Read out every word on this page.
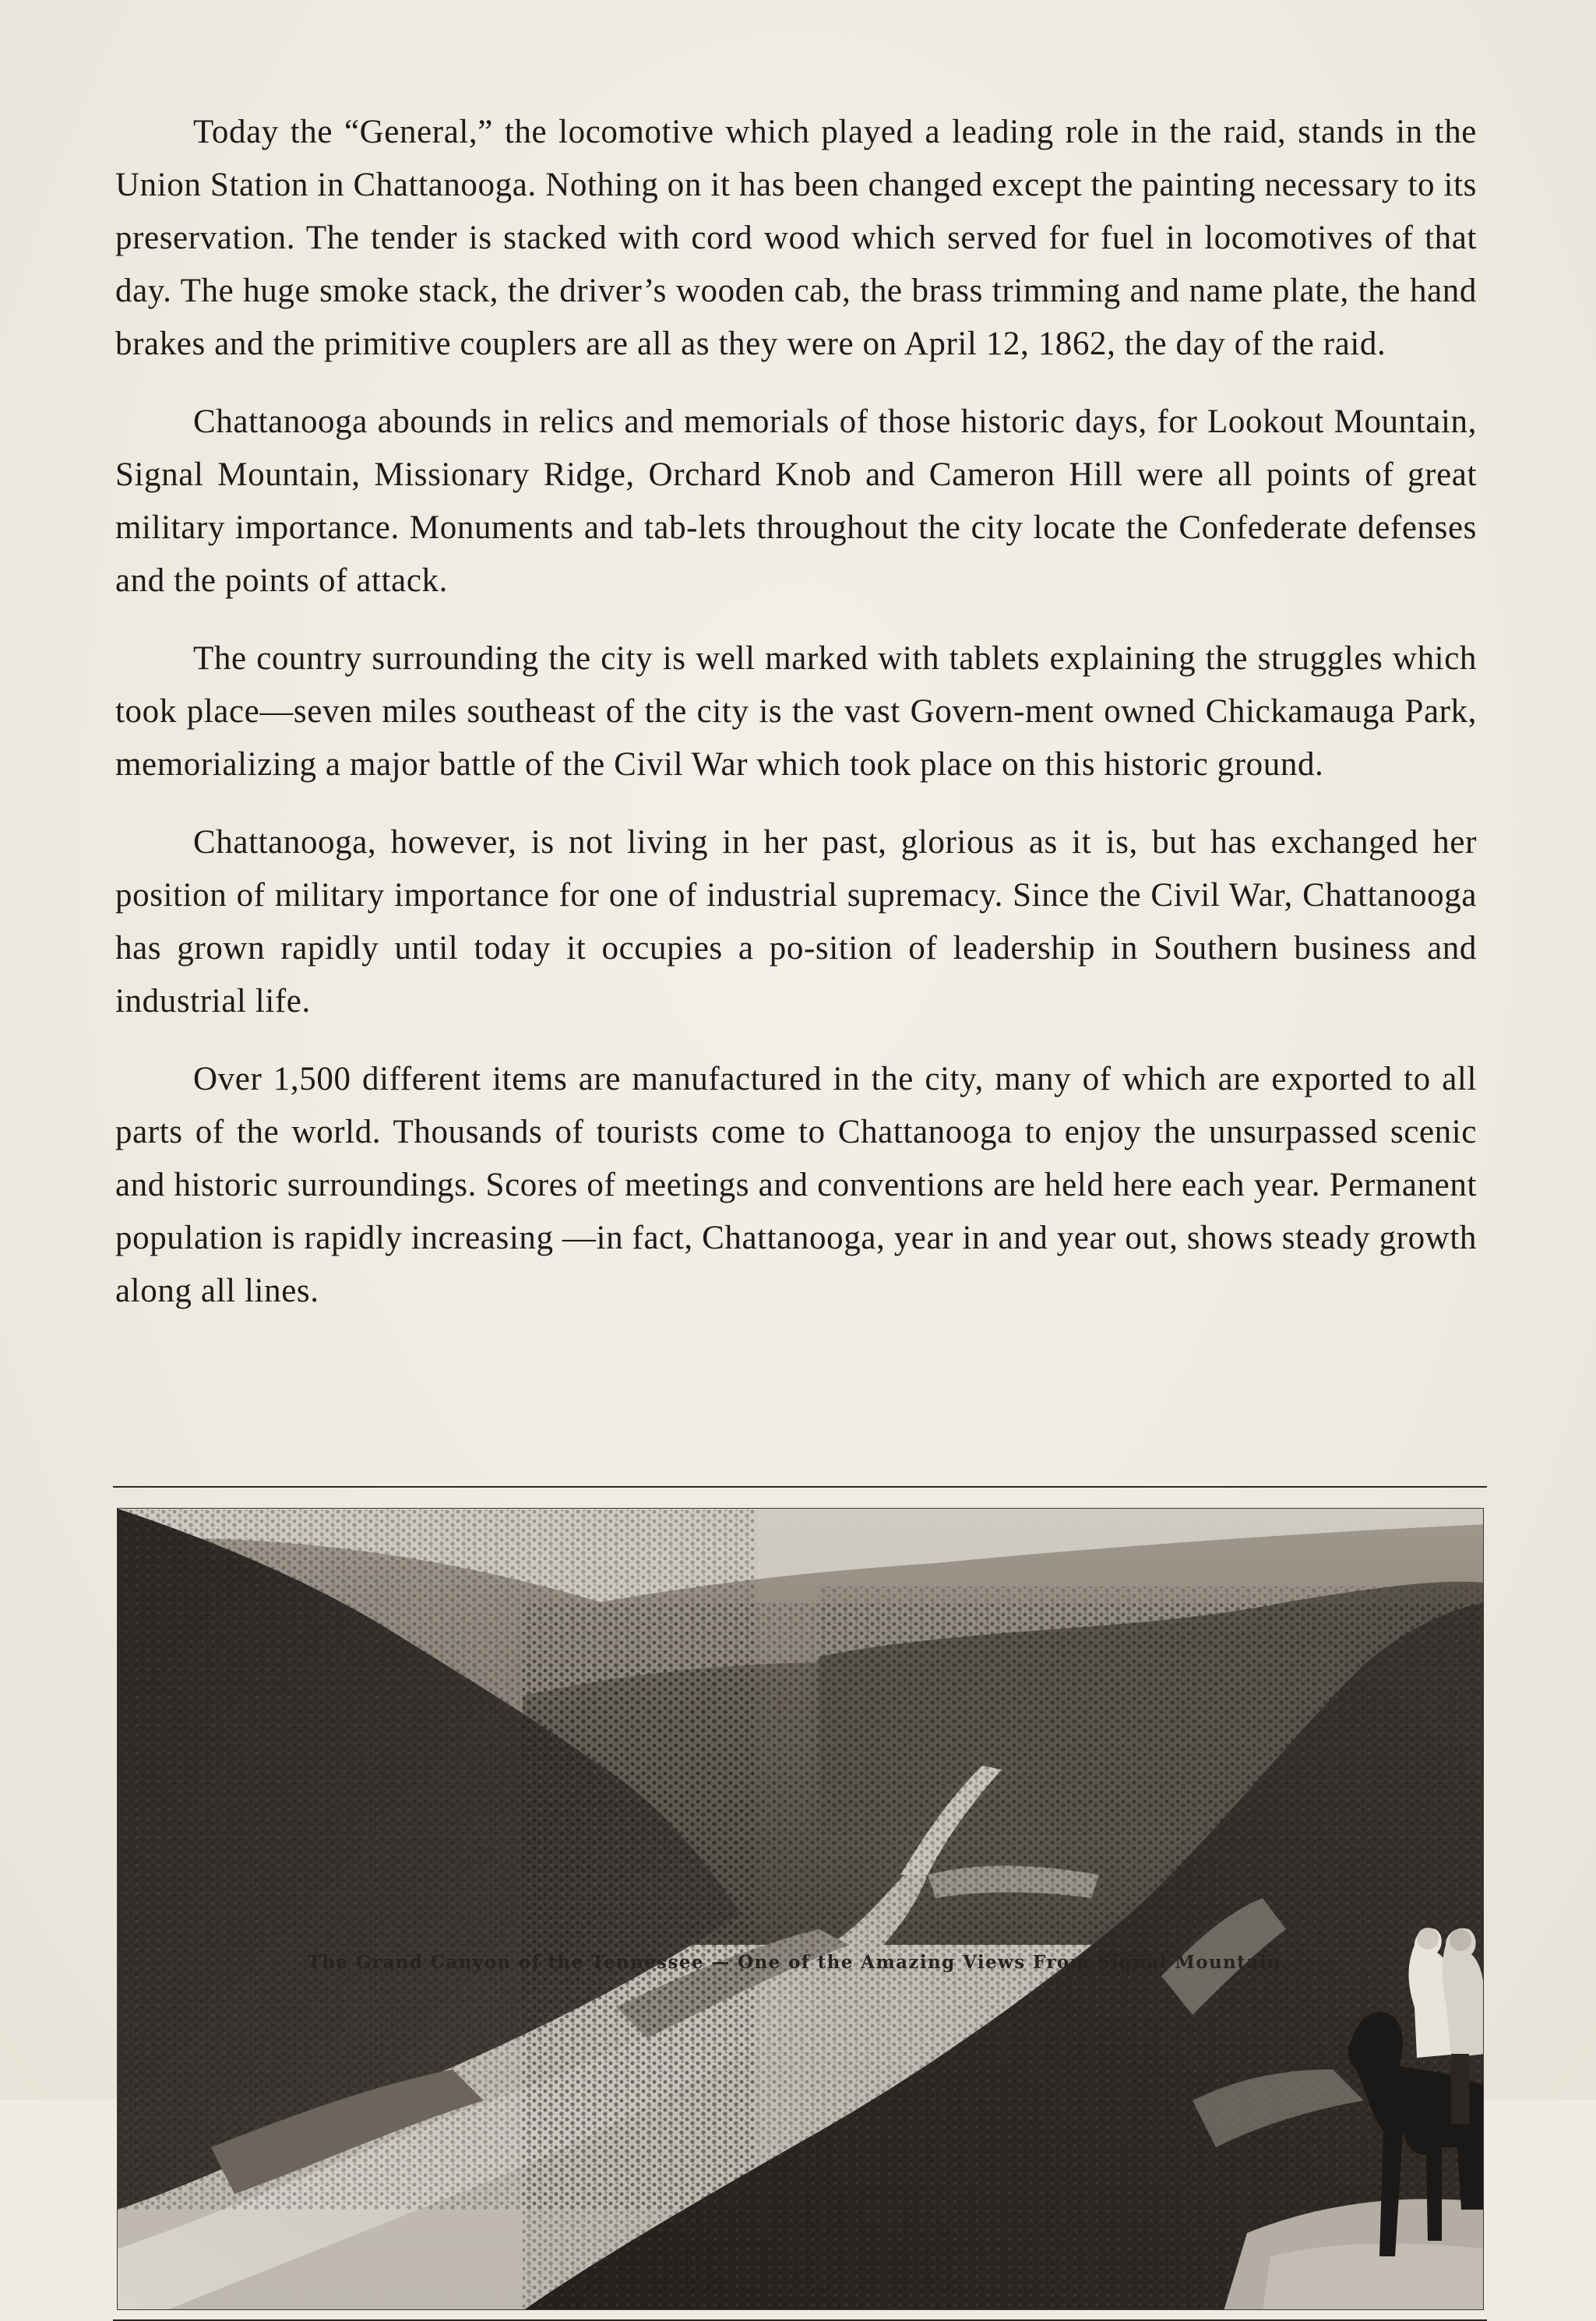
Today the “General,” the locomotive which played a leading role in the raid, stands in the Union Station in Chattanooga. Nothing on it has been changed except the painting necessary to its preservation. The tender is stacked with cord wood which served for fuel in locomotives of that day. The huge smoke stack, the driver’s wooden cab, the brass trimming and name plate, the hand brakes and the primitive couplers are all as they were on April 12, 1862, the day of the raid.

Chattanooga abounds in relics and memorials of those historic days, for Lookout Mountain, Signal Mountain, Missionary Ridge, Orchard Knob and Cameron Hill were all points of great military importance. Monuments and tab-lets throughout the city locate the Confederate defenses and the points of attack.

The country surrounding the city is well marked with tablets explaining the struggles which took place—seven miles southeast of the city is the vast Govern-ment owned Chickamauga Park, memorializing a major battle of the Civil War which took place on this historic ground.

Chattanooga, however, is not living in her past, glorious as it is, but has exchanged her position of military importance for one of industrial supremacy. Since the Civil War, Chattanooga has grown rapidly until today it occupies a po-sition of leadership in Southern business and industrial life.

Over 1,500 different items are manufactured in the city, many of which are exported to all parts of the world. Thousands of tourists come to Chattanooga to enjoy the unsurpassed scenic and historic surroundings. Scores of meetings and conventions are held here each year. Permanent population is rapidly increasing —in fact, Chattanooga, year in and year out, shows steady growth along all lines.

The Grand Canyon of the Tennessee — One of the Amazing Views From Signal Mountain.
